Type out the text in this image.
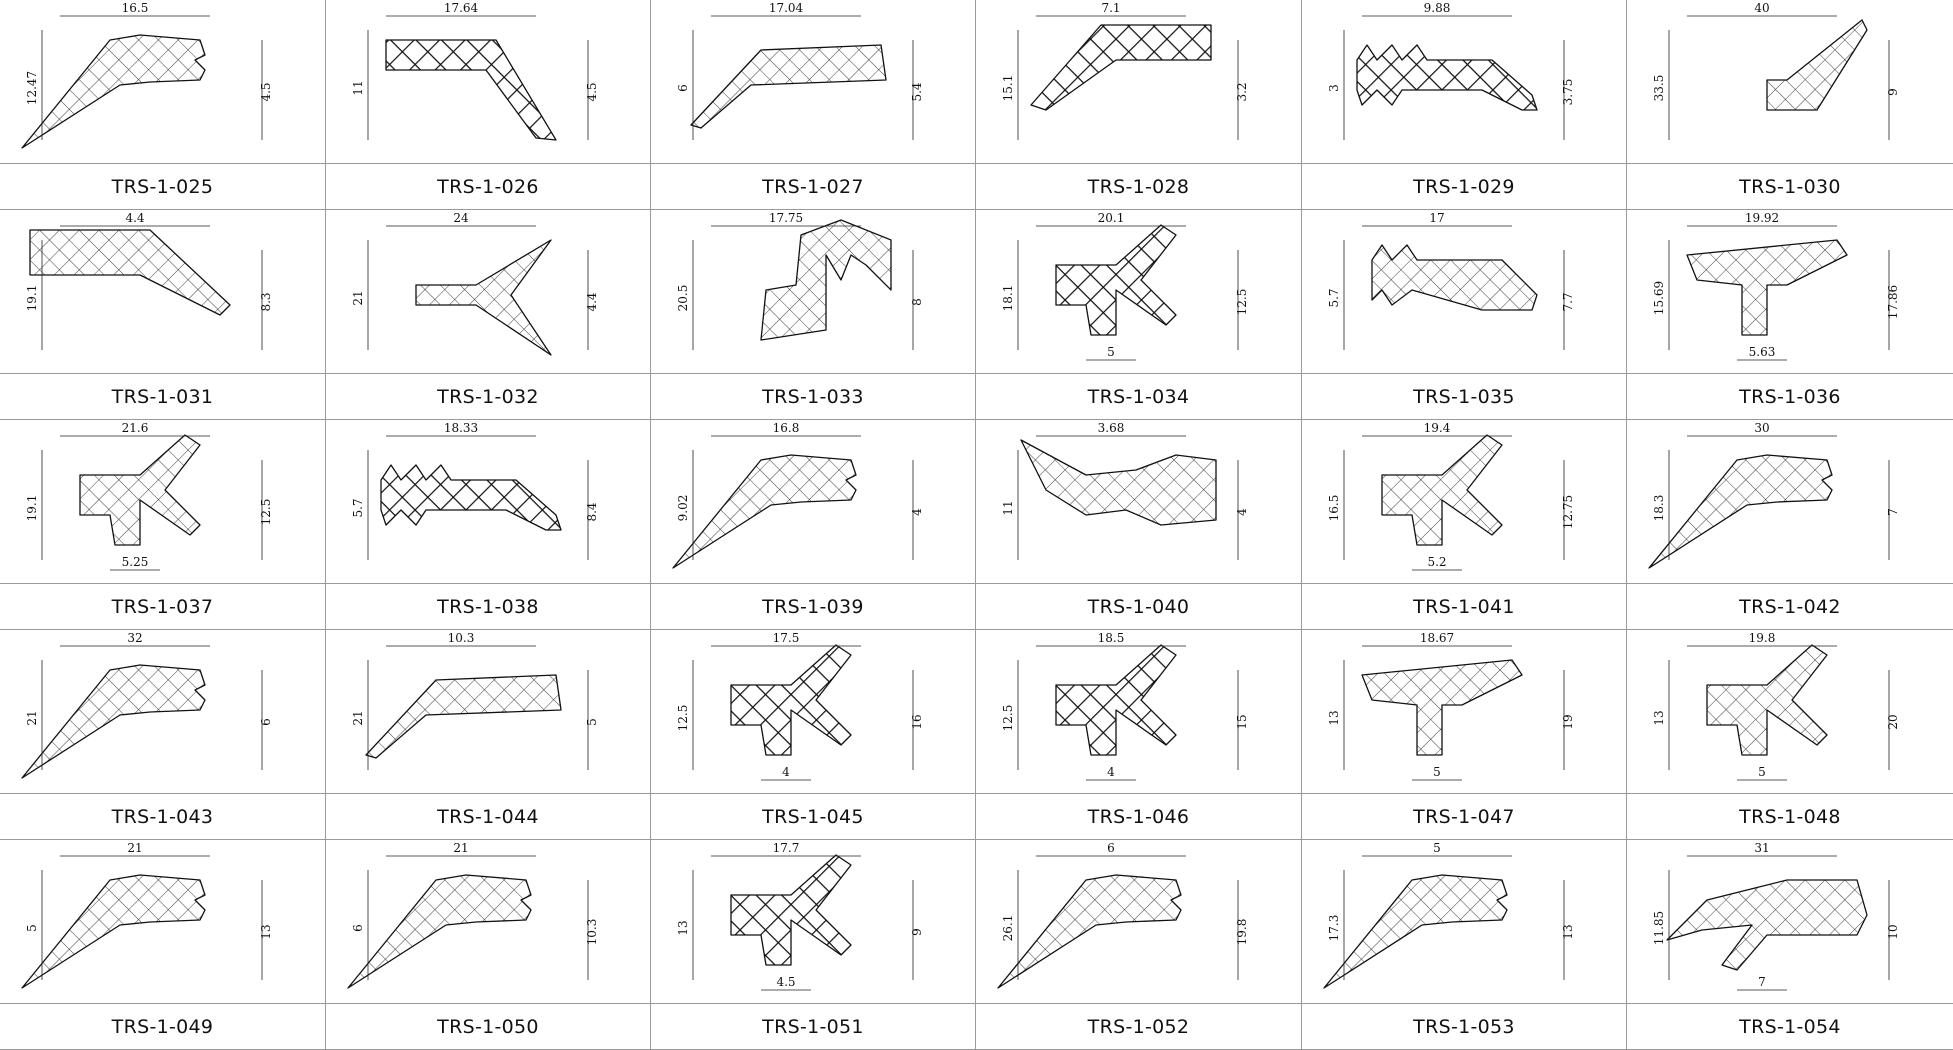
16.5
4.5
12.47
17.64
4.5
11
17.04
5.4
6
7.1
3.2
15.1
9.88
3.75
3
40
9
33.5
TRS-1-025	TRS-1-026	TRS-1-027	TRS-1-028	TRS-1-029	TRS-1-030
4.4
8.3
19.1
24
4.4
21
17.75
8
20.5
20.1
12.5
18.1
5
17
7.7
5.7
19.92
17.86
15.69
5.63
TRS-1-031	TRS-1-032	TRS-1-033	TRS-1-034	TRS-1-035	TRS-1-036
21.6
12.5
19.1
5.25
18.33
8.4
5.7
16.8
4
9.02
3.68
4
11
19.4
12.75
16.5
5.2
30
7
18.3
TRS-1-037	TRS-1-038	TRS-1-039	TRS-1-040	TRS-1-041	TRS-1-042
32
6
21
10.3
5
21
17.5
16
12.5
4
18.5
15
12.5
4
18.67
19
13
5
19.8
20
13
5
TRS-1-043	TRS-1-044	TRS-1-045	TRS-1-046	TRS-1-047	TRS-1-048
21
13
5
21
10.3
6
17.7
9
13
4.5
6
19.8
26.1
5
13
17.3
31
10
11.85
7
TRS-1-049	TRS-1-050	TRS-1-051	TRS-1-052	TRS-1-053	TRS-1-054
